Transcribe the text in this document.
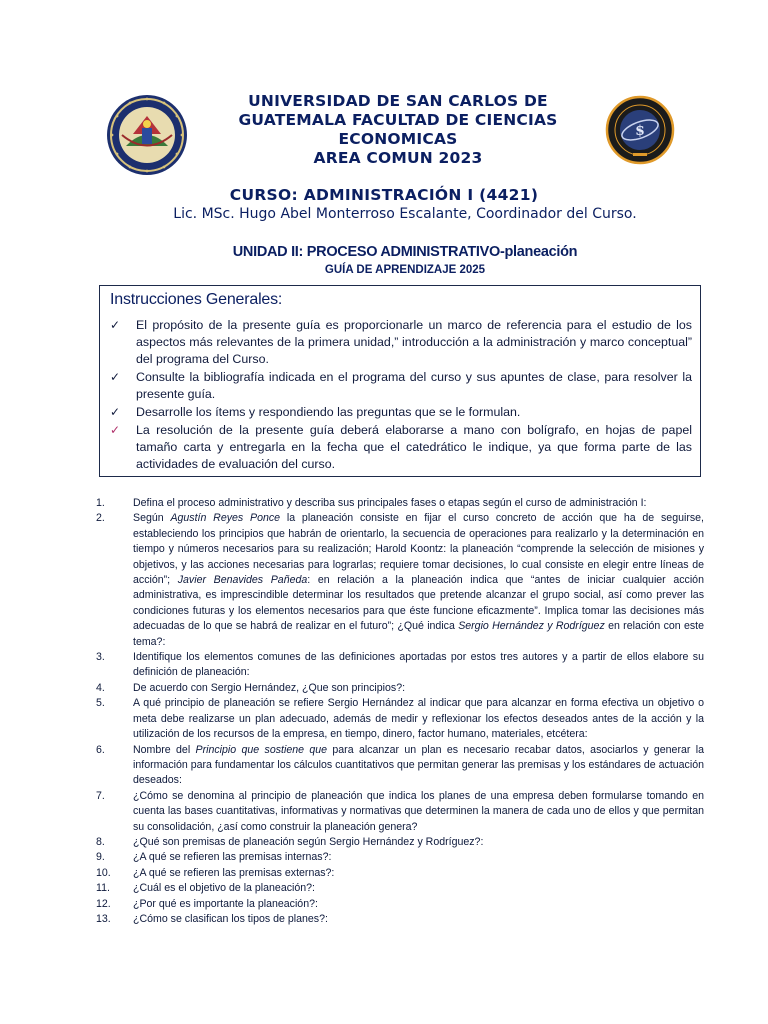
$
UNIVERSIDAD DE SAN CARLOS DE
GUATEMALA FACULTAD DE CIENCIAS
ECONOMICAS
AREA COMUN 2023
CURSO: ADMINISTRACIÓN I (4421)
Lic. MSc. Hugo Abel Monterroso Escalante, Coordinador del Curso.
UNIDAD II: PROCESO ADMINISTRATIVO-planeación
GUÍA DE APRENDIZAJE 2025
Instrucciones Generales:
✓ El propósito de la presente guía es proporcionarle un marco de referencia para el estudio de los aspectos más relevantes de la primera unidad,” introducción a la administración y marco conceptual” del programa del Curso.
✓ Consulte la bibliografía indicada en el programa del curso y sus apuntes de clase, para resolver la presente guía.
✓ Desarrolle los ítems y respondiendo las preguntas que se le formulan.
✓ La resolución de la presente guía deberá elaborarse a mano con bolígrafo, en hojas de papel tamaño carta y entregarla en la fecha que el catedrático le indique, ya que forma parte de las actividades de evaluación del curso.
1.	Defina el proceso administrativo y describa sus principales fases o etapas según el curso de administración I:
2.	Según Agustín Reyes Ponce la planeación consiste en fijar el curso concreto de acción que ha de seguirse, estableciendo los principios que habrán de orientarlo, la secuencia de operaciones para realizarlo y la determinación en tiempo y números necesarios para su realización; Harold Koontz: la planeación “comprende la selección de misiones y objetivos, y las acciones necesarias para lograrlas; requiere tomar decisiones, lo cual consiste en elegir entre líneas de acción”; Javier Benavides Pañeda: en relación a la planeación indica que “antes de iniciar cualquier acción administrativa, es imprescindible determinar los resultados que pretende alcanzar el grupo social, así como prever las condiciones futuras y los elementos necesarios para que éste funcione eficazmente”. Implica tomar las decisiones más adecuadas de lo que se habrá de realizar en el futuro”; ¿Qué indica Sergio Hernández y Rodríguez en relación con este tema?:
3.	Identifique los elementos comunes de las definiciones aportadas por estos tres autores y a partir de ellos elabore su definición de planeación:
4.	De acuerdo con Sergio Hernández, ¿Que son principios?:
5.	A qué principio de planeación se refiere Sergio Hernández al indicar que para alcanzar en forma efectiva un objetivo o meta debe realizarse un plan adecuado, además de medir y reflexionar los efectos deseados antes de la acción y la utilización de los recursos de la empresa, en tiempo, dinero, factor humano, materiales, etcétera:
6.	Nombre del Principio que sostiene que para alcanzar un plan es necesario recabar datos, asociarlos y generar la información para fundamentar los cálculos cuantitativos que permitan generar las premisas y los estándares de actuación deseados:
7.	¿Cómo se denomina al principio de planeación que indica los planes de una empresa deben formularse tomando en cuenta las bases cuantitativas, informativas y normativas que determinen la manera de cada uno de ellos y que permitan su consolidación, ¿así como construir la planeación genera?
8.	¿Qué son premisas de planeación según Sergio Hernández y Rodríguez?:
9.	¿A qué se refieren las premisas internas?:
10. ¿A qué se refieren las premisas externas?:
11. ¿Cuál es el objetivo de la planeación?:
12. ¿Por qué es importante la planeación?:
13. ¿Cómo se clasifican los tipos de planes?:
